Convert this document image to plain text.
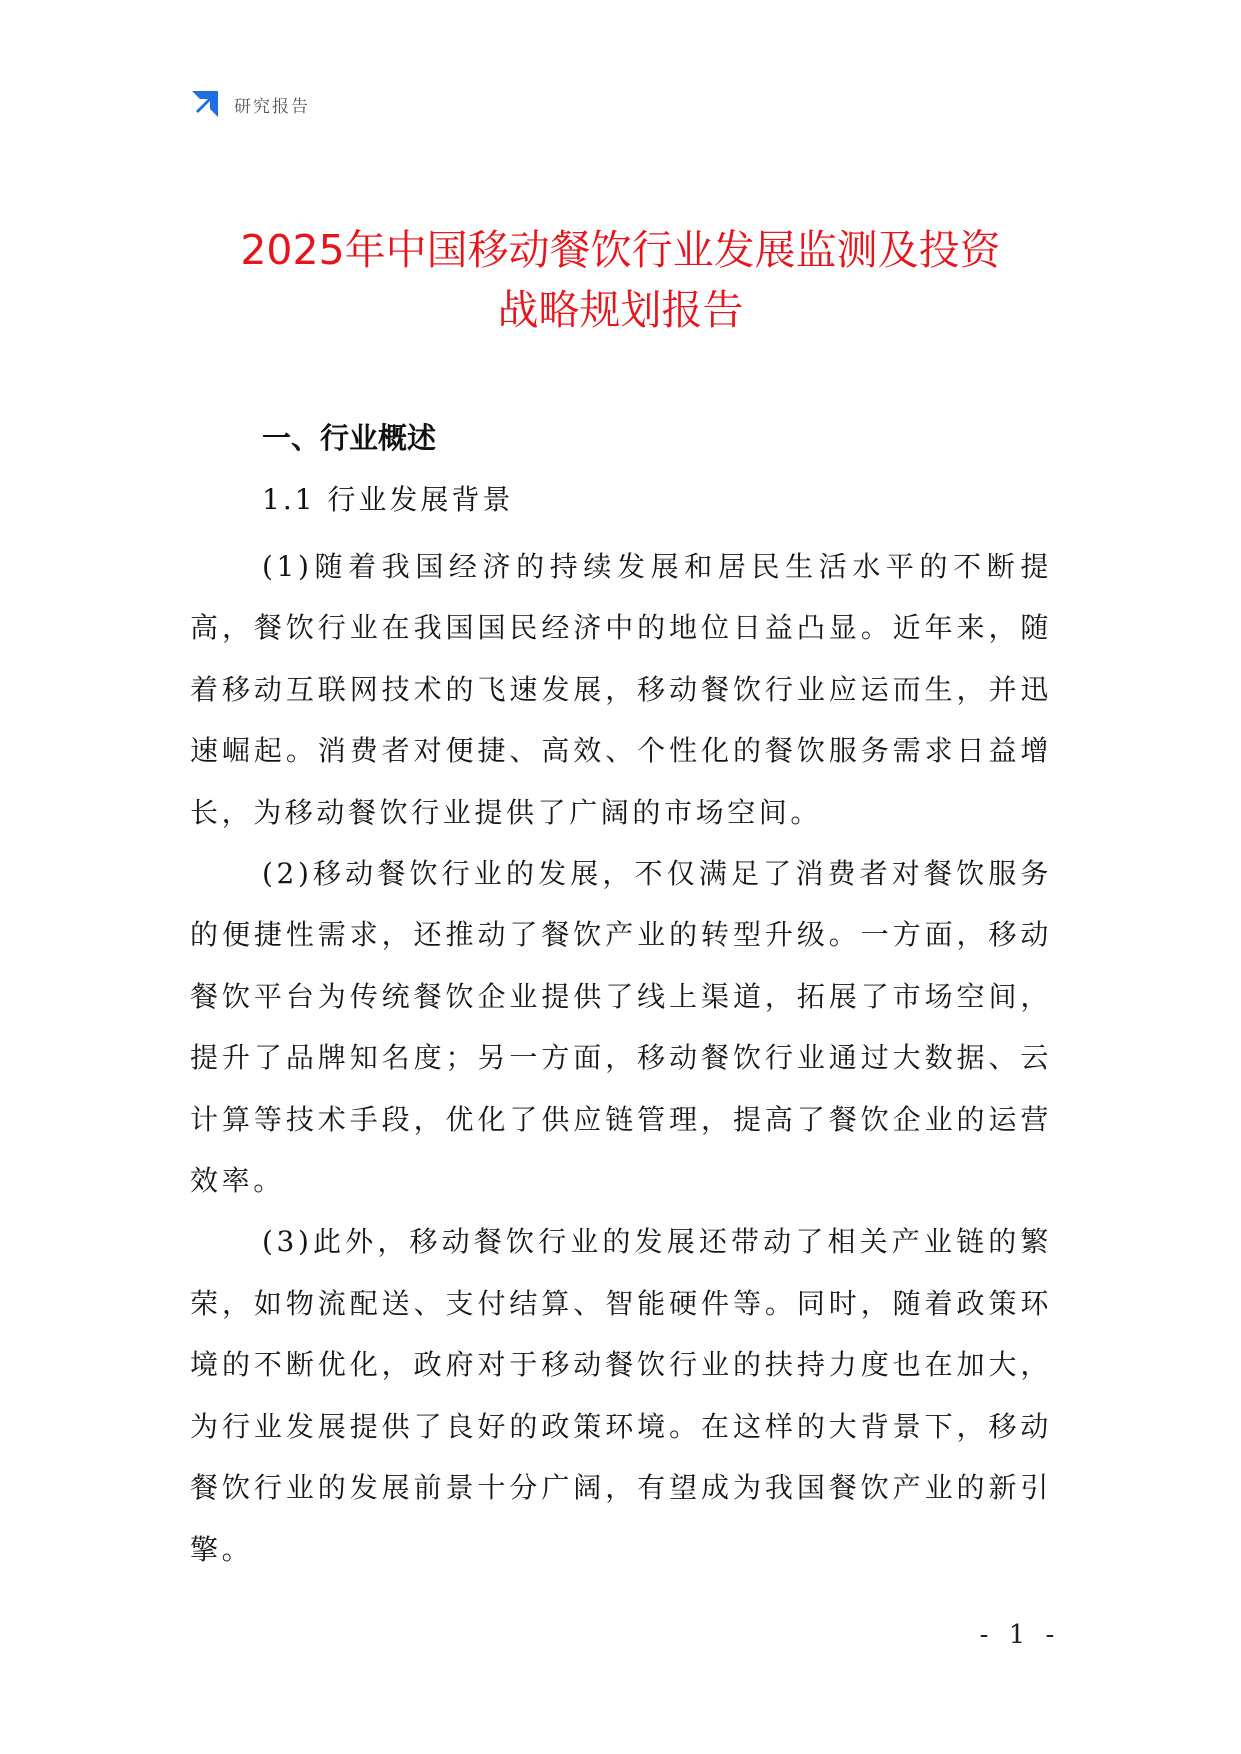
研究报告
2025年中国移动餐饮行业发展监测及投资
战略规划报告
一、行业概述
1.1 行业发展背景

(1)随着我国经济的持续发展和居民生活水平的不断提高，餐饮行业在我国国民经济中的地位日益凸显。近年来，随着移动互联网技术的飞速发展，移动餐饮行业应运而生，并迅速崛起。消费者对便捷、高效、个性化的餐饮服务需求日益增长，为移动餐饮行业提供了广阔的市场空间。

(2)移动餐饮行业的发展，不仅满足了消费者对餐饮服务的便捷性需求，还推动了餐饮产业的转型升级。一方面，移动餐饮平台为传统餐饮企业提供了线上渠道，拓展了市场空间，提升了品牌知名度；另一方面，移动餐饮行业通过大数据、云计算等技术手段，优化了供应链管理，提高了餐饮企业的运营效率。

(3)此外，移动餐饮行业的发展还带动了相关产业链的繁荣，如物流配送、支付结算、智能硬件等。同时，随着政策环境的不断优化，政府对于移动餐饮行业的扶持力度也在加大，为行业发展提供了良好的政策环境。在这样的大背景下，移动餐饮行业的发展前景十分广阔，有望成为我国餐饮产业的新引擎。

- 1 -
